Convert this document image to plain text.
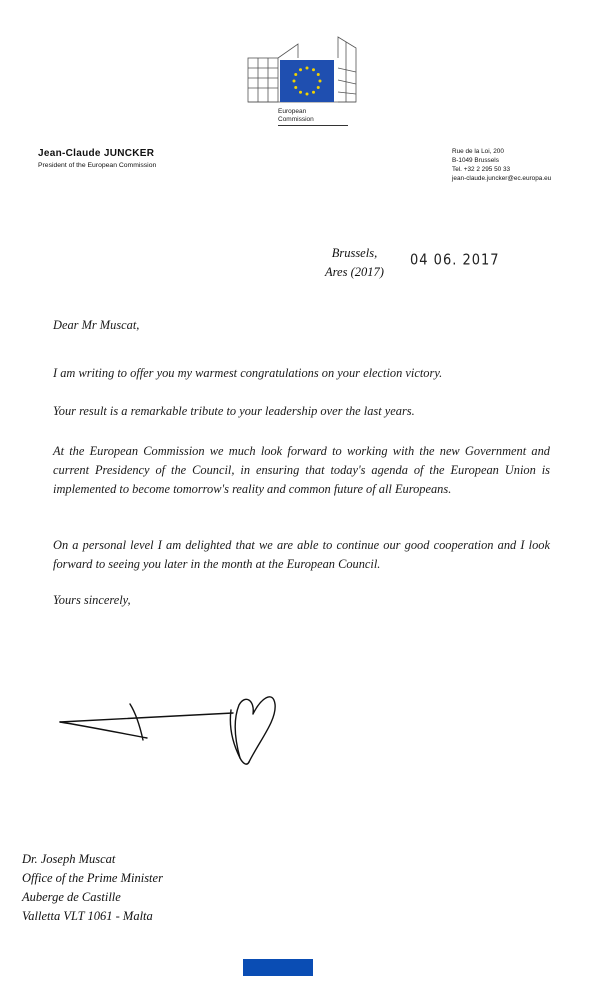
European
Commission
Jean-Claude JUNCKER
President of the European Commission
Rue de la Loi, 200
B-1049 Brussels
Tel. +32 2 295 50 33
jean-claude.juncker@ec.europa.eu
Brussels,
Ares (2017)
04 06. 2017

Dear Mr Muscat,

I am writing to offer you my warmest congratulations on your election victory.

Your result is a remarkable tribute to your leadership over the last years.

At the European Commission we much look forward to working with the new Government and current Presidency of the Council, in ensuring that today's agenda of the European Union is implemented to become tomorrow's reality and common future of all Europeans.

On a personal level I am delighted that we are able to continue our good cooperation and I look forward to seeing you later in the month at the European Council.

Yours sincerely,

Dr. Joseph Muscat
Office of the Prime Minister
Auberge de Castille
Valletta VLT 1061 - Malta
